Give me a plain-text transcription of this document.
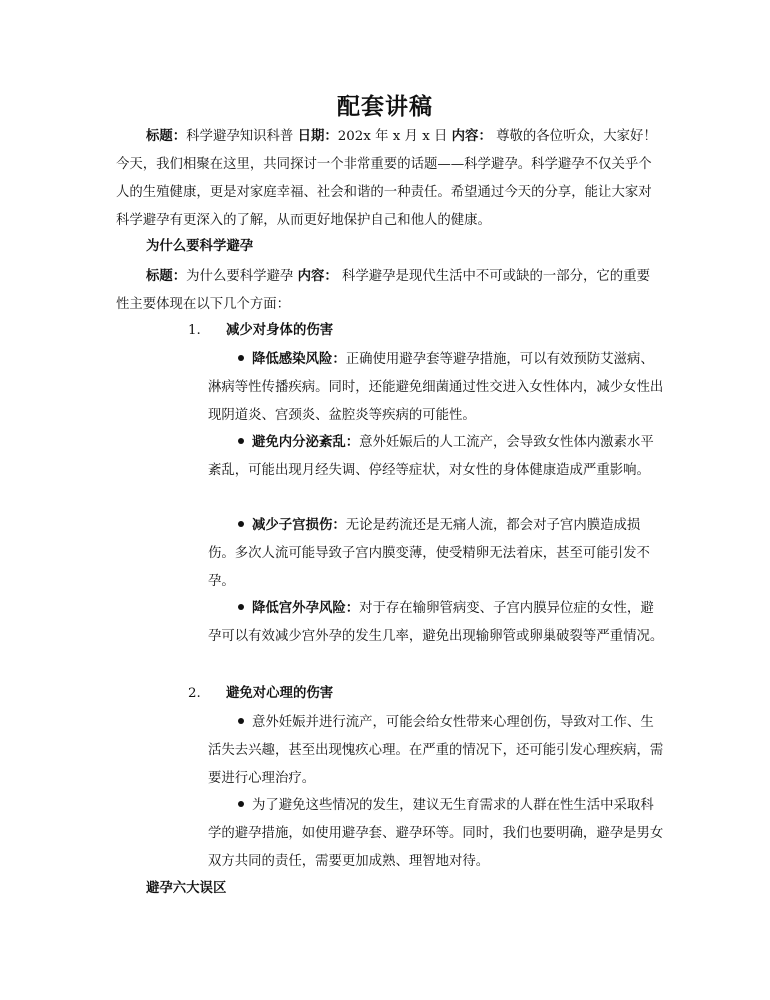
配套讲稿
标题：科学避孕知识科普 日期：202x 年 x 月 x 日 内容： 尊敬的各位听众，大家好！今天，我们相聚在这里，共同探讨一个非常重要的话题——科学避孕。科学避孕不仅关乎个人的生殖健康，更是对家庭幸福、社会和谐的一种责任。希望通过今天的分享，能让大家对科学避孕有更深入的了解，从而更好地保护自己和他人的健康。
为什么要科学避孕
标题：为什么要科学避孕 内容： 科学避孕是现代生活中不可或缺的一部分，它的重要性主要体现在以下几个方面：
1. 减少对身体的伤害
降低感染风险：正确使用避孕套等避孕措施，可以有效预防艾滋病、淋病等性传播疾病。同时，还能避免细菌通过性交进入女性体内，减少女性出现阴道炎、宫颈炎、盆腔炎等疾病的可能性。
避免内分泌紊乱：意外妊娠后的人工流产，会导致女性体内激素水平紊乱，可能出现月经失调、停经等症状，对女性的身体健康造成严重影响。
减少子宫损伤：无论是药流还是无痛人流，都会对子宫内膜造成损伤。多次人流可能导致子宫内膜变薄，使受精卵无法着床，甚至可能引发不孕。
降低宫外孕风险：对于存在输卵管病变、子宫内膜异位症的女性，避孕可以有效减少宫外孕的发生几率，避免出现输卵管或卵巢破裂等严重情况。
2. 避免对心理的伤害
意外妊娠并进行流产，可能会给女性带来心理创伤，导致对工作、生活失去兴趣，甚至出现愧疚心理。在严重的情况下，还可能引发心理疾病，需要进行心理治疗。
为了避免这些情况的发生，建议无生育需求的人群在性生活中采取科学的避孕措施，如使用避孕套、避孕环等。同时，我们也要明确，避孕是男女双方共同的责任，需要更加成熟、理智地对待。
避孕六大误区
